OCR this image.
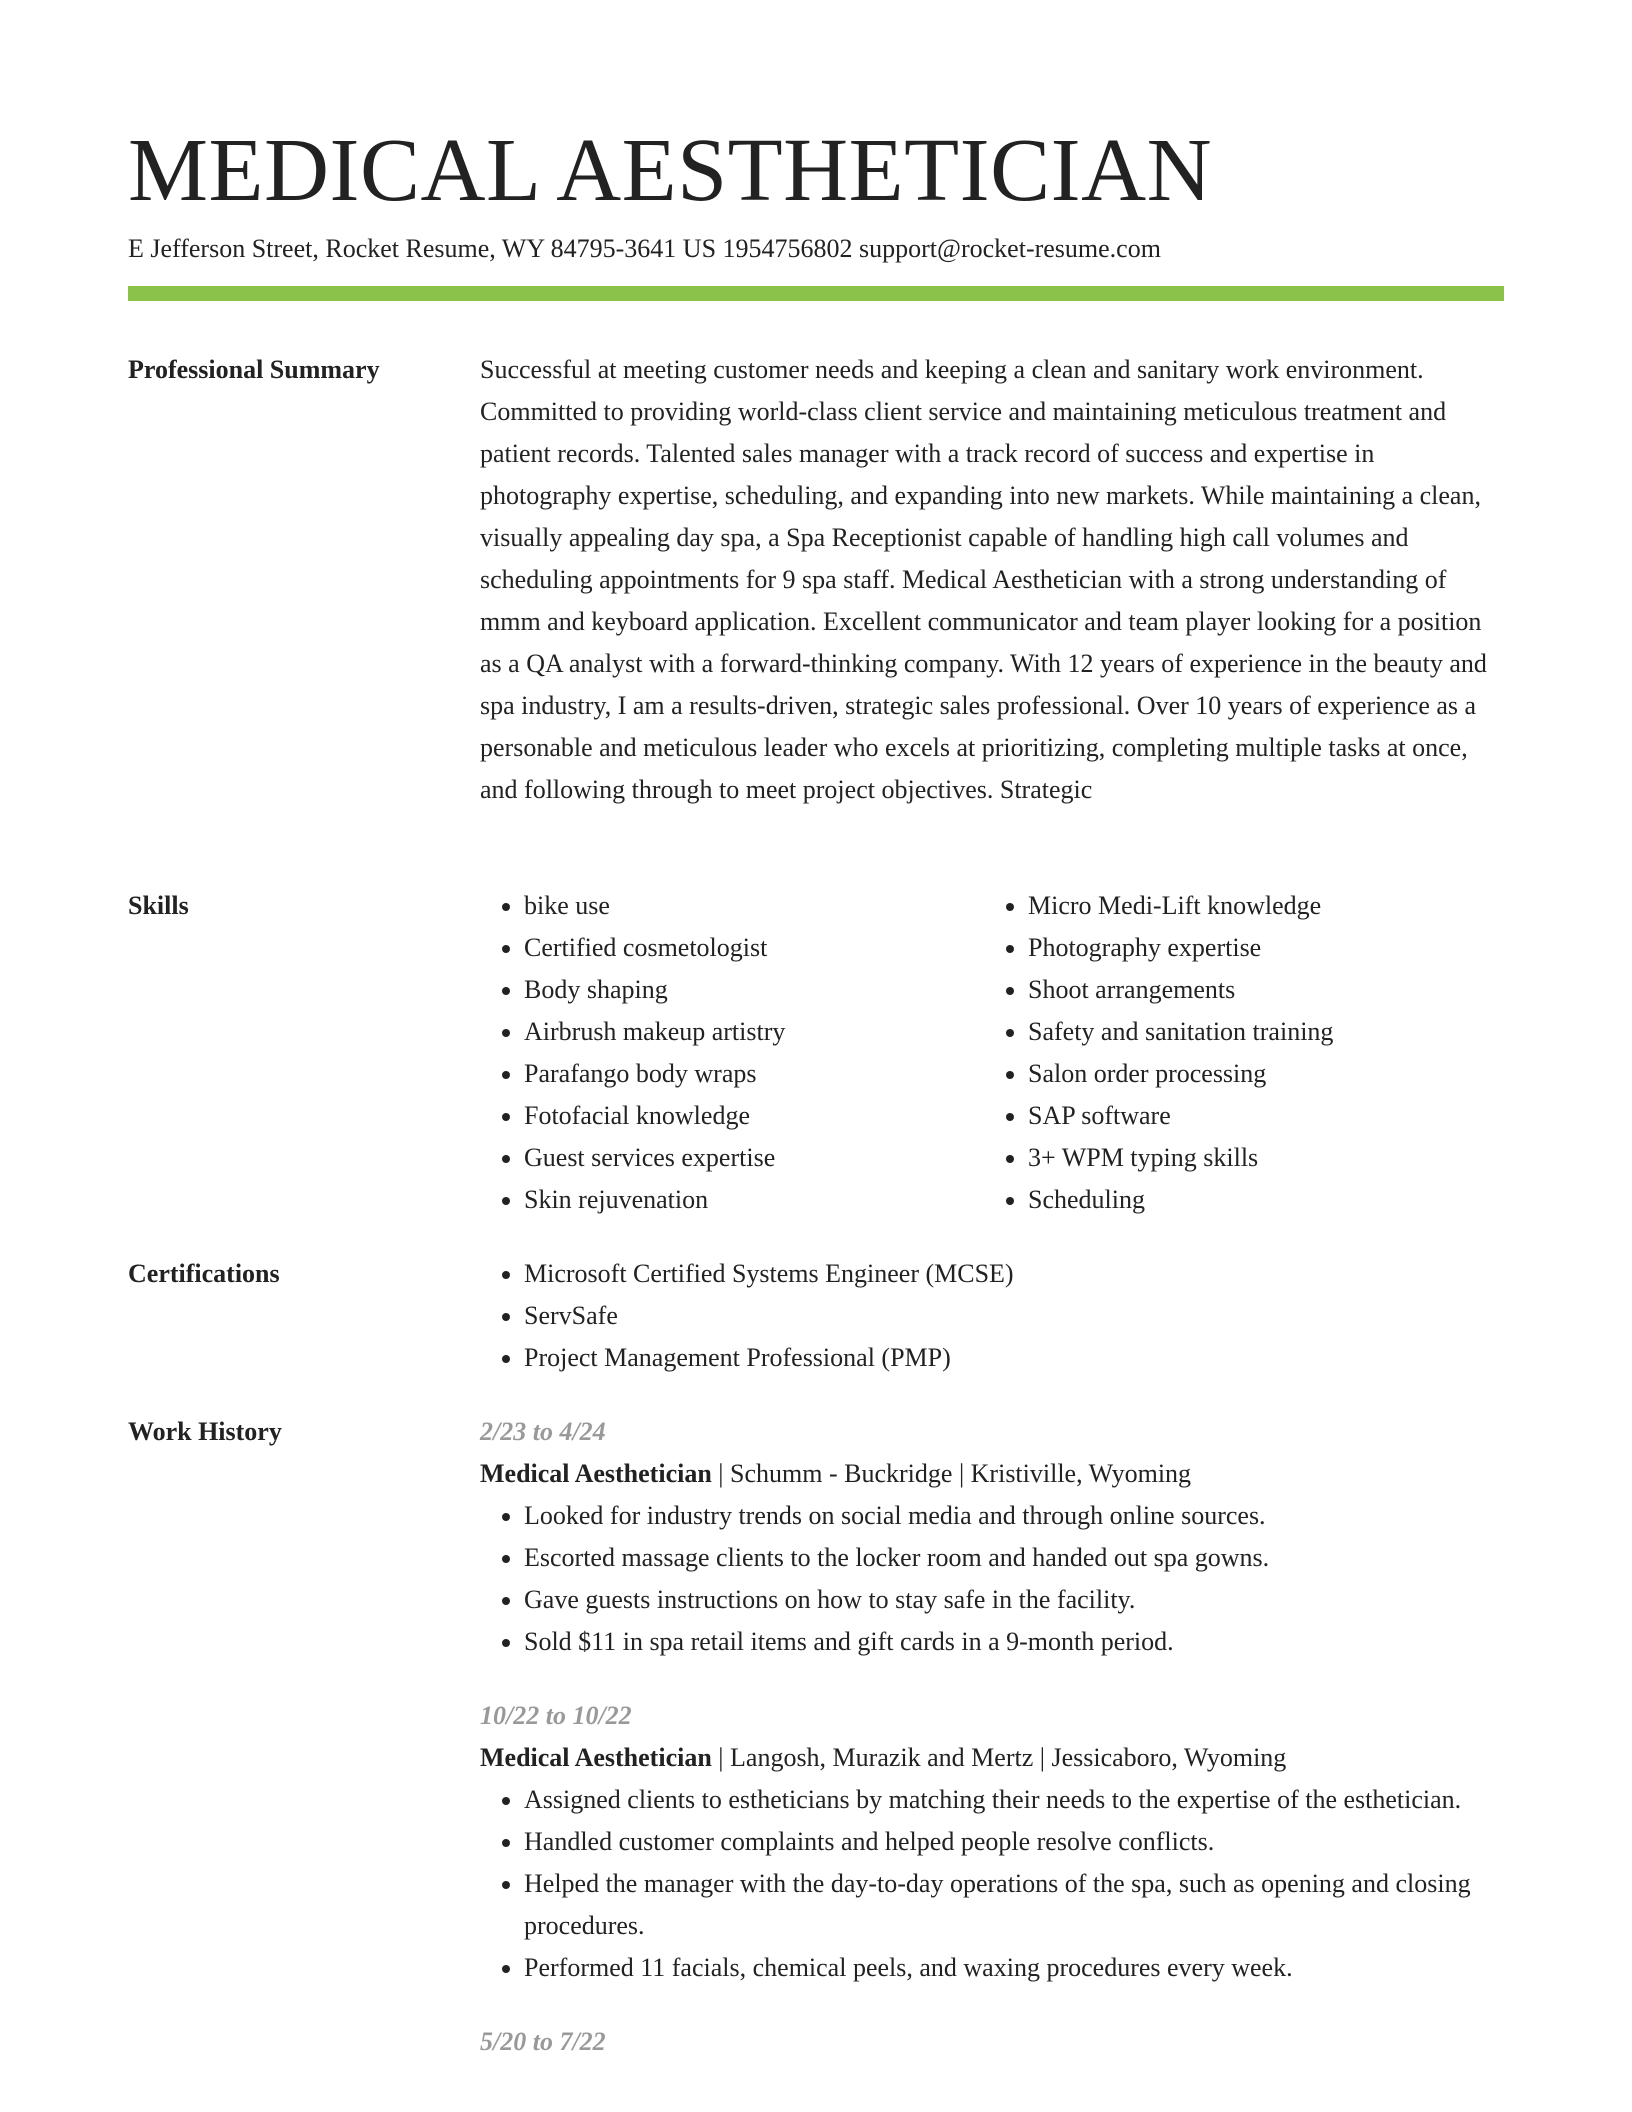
MEDICAL AESTHETICIAN
E Jefferson Street, Rocket Resume, WY 84795-3641 US 1954756802 support@rocket-resume.com
Professional Summary	Successful at meeting customer needs and keeping a clean and sanitary work environment. Committed to providing world-class client service and maintaining meticulous treatment and patient records. Talented sales manager with a track record of success and expertise in photography expertise, scheduling, and expanding into new markets. While maintaining a clean, visually appealing day spa, a Spa Receptionist capable of handling high call volumes and scheduling appointments for 9 spa staff. Medical Aesthetician with a strong understanding of mmm and keyboard application. Excellent communicator and team player looking for a position as a QA analyst with a forward-thinking company. With 12 years of experience in the beauty and spa industry, I am a results-driven, strategic sales professional. Over 10 years of experience as a personable and meticulous leader who excels at prioritizing, completing multiple tasks at once, and following through to meet project objectives. Strategic

Skills	• bike use
• Certified cosmetologist
• Body shaping
• Airbrush makeup artistry
• Parafango body wraps
• Fotofacial knowledge
• Guest services expertise
• Skin rejuvenation
• Micro Medi-Lift knowledge
• Photography expertise
• Shoot arrangements
• Safety and sanitation training
• Salon order processing
• SAP software
• 3+ WPM typing skills
• Scheduling
Certifications	• Microsoft Certified Systems Engineer (MCSE)
• ServSafe
• Project Management Professional (PMP)
Work History	2/23 to 4/24
Medical Aesthetician | Schumm - Buckridge | Kristiville, Wyoming
• Looked for industry trends on social media and through online sources.
• Escorted massage clients to the locker room and handed out spa gowns.
• Gave guests instructions on how to stay safe in the facility.
• Sold $11 in spa retail items and gift cards in a 9-month period.
10/22 to 10/22
Medical Aesthetician | Langosh, Murazik and Mertz | Jessicaboro, Wyoming
• Assigned clients to estheticians by matching their needs to the expertise of the esthetician.
• Handled customer complaints and helped people resolve conflicts.
• Helped the manager with the day-to-day operations of the spa, such as opening and closing procedures.
• Performed 11 facials, chemical peels, and waxing procedures every week.
5/20 to 7/22
